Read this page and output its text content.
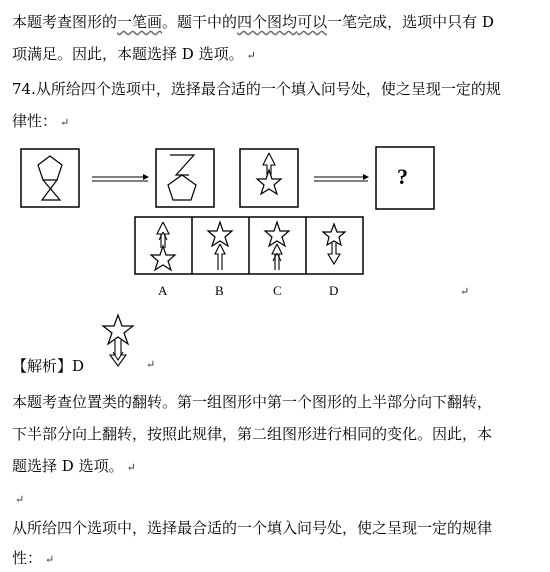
本题考查图形的一笔画。题干中的四个图均可以一笔完成，选项中只有 D
项满足。因此，本题选择 D 选项。 ↵
74.从所给四个选项中，选择最合适的一个填入问号处，使之呈现一定的规
律性： ↵
?
A	B	C	D	↵
【解析】D	↵
本题考查位置类的翻转。第一组图形中第一个图形的上半部分向下翻转，
下半部分向上翻转，按照此规律，第二组图形进行相同的变化。因此，本
题选择 D 选项。 ↵
↵
从所给四个选项中，选择最合适的一个填入问号处，使之呈现一定的规律
性： ↵
